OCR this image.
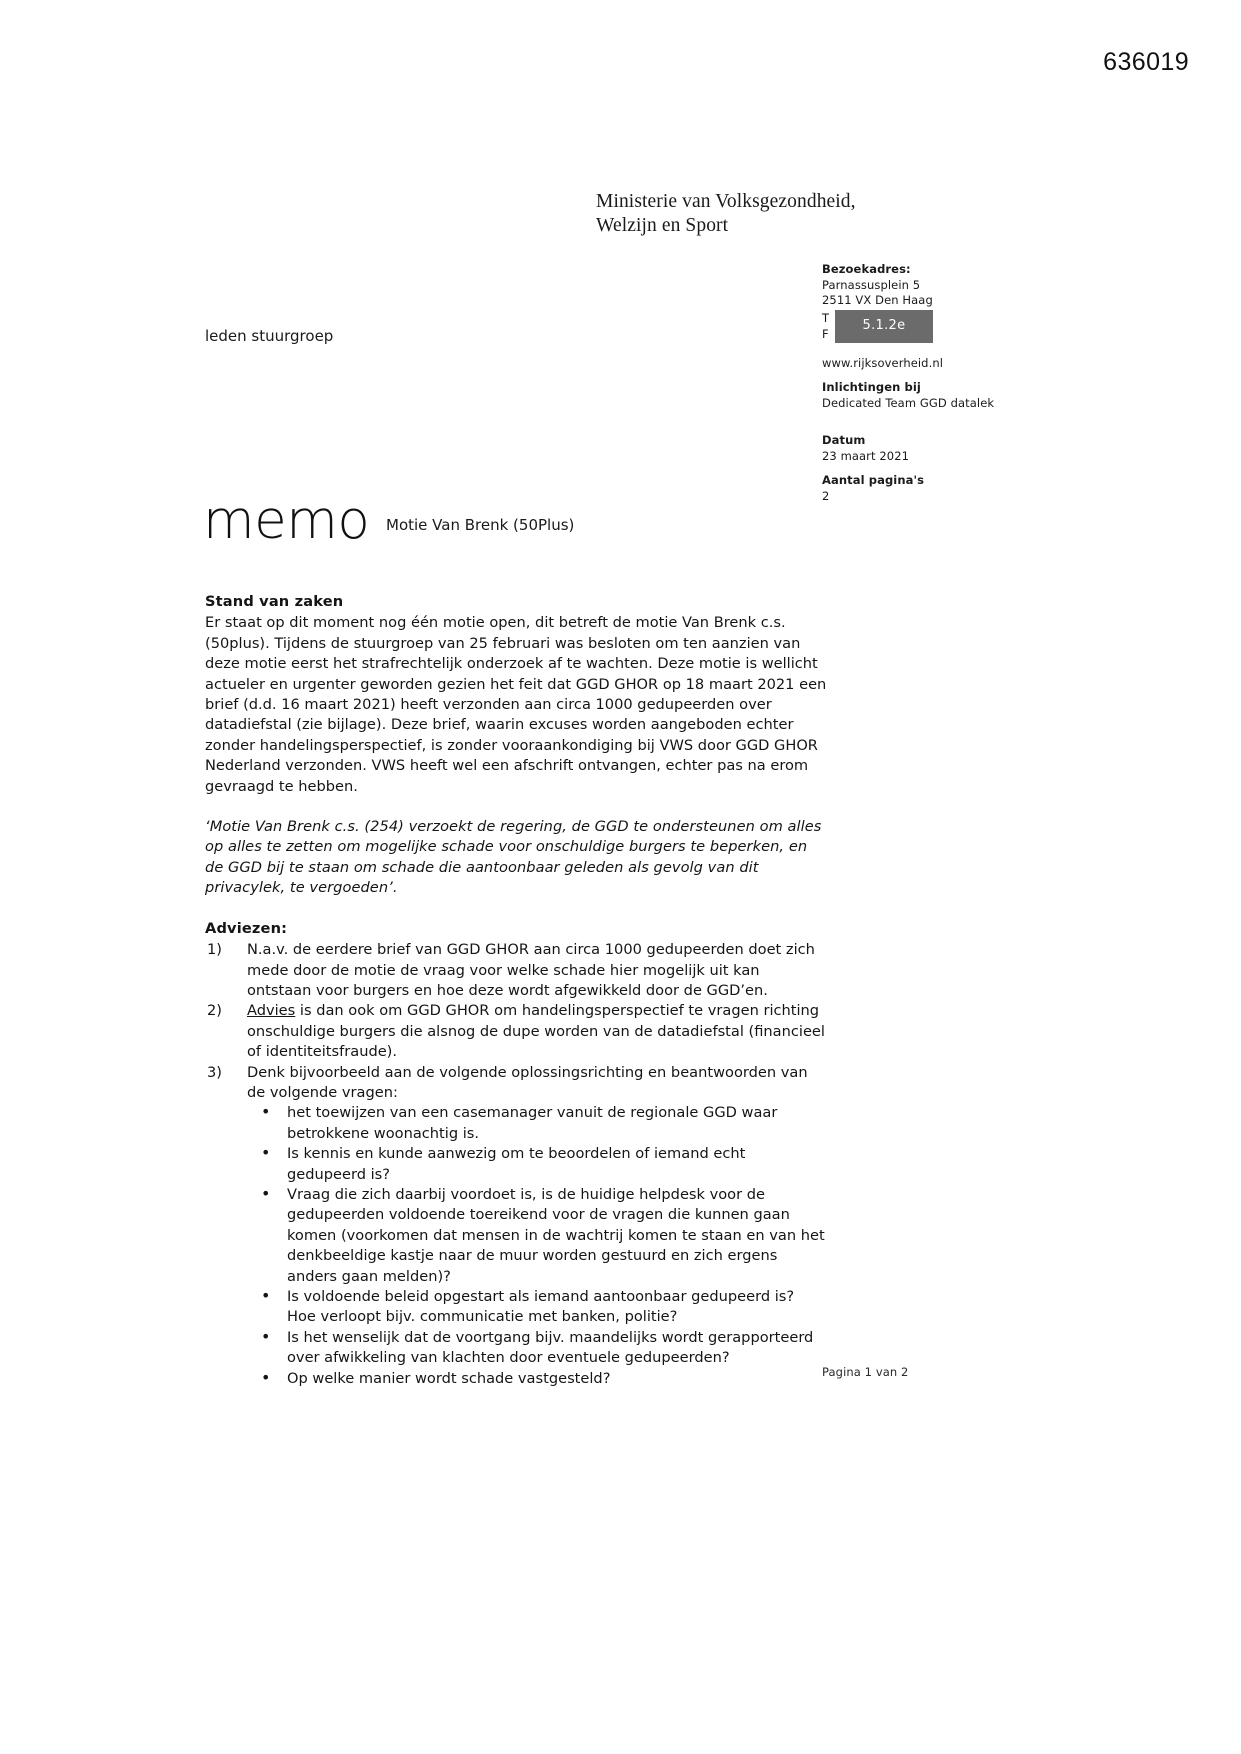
636019
Ministerie van Volksgezondheid,
Welzijn en Sport
leden stuurgroep
Bezoekadres:
Parnassusplein 5
2511 VX Den Haag
T
F
5.1.2e
www.rijksoverheid.nl
Inlichtingen bij
Dedicated Team GGD datalek
Datum
23 maart 2021
Aantal pagina's
2
memo Motie Van Brenk (50Plus)
Stand van zaken

Er staat op dit moment nog één motie open, dit betreft de motie Van Brenk c.s. (50plus). Tijdens de stuurgroep van 25 februari was besloten om ten aanzien van deze motie eerst het strafrechtelijk onderzoek af te wachten. Deze motie is wellicht actueler en urgenter geworden gezien het feit dat GGD GHOR op 18 maart 2021 een brief (d.d. 16 maart 2021) heeft verzonden aan circa 1000 gedupeerden over datadiefstal (zie bijlage). Deze brief, waarin excuses worden aangeboden echter zonder handelingsperspectief, is zonder vooraankondiging bij VWS door GGD GHOR Nederland verzonden. VWS heeft wel een afschrift ontvangen, echter pas na erom gevraagd te hebben.

‘Motie Van Brenk c.s. (254) verzoekt de regering, de GGD te ondersteunen om alles op alles te zetten om mogelijke schade voor onschuldige burgers te beperken, en de GGD bij te staan om schade die aantoonbaar geleden als gevolg van dit privacylek, te vergoeden’.

Adviezen:
N.a.v. de eerdere brief van GGD GHOR aan circa 1000 gedupeerden doet zich mede door de motie de vraag voor welke schade hier mogelijk uit kan ontstaan voor burgers en hoe deze wordt afgewikkeld door de GGD’en.
Advies is dan ook om GGD GHOR om handelingsperspectief te vragen richting onschuldige burgers die alsnog de dupe worden van de datadiefstal (financieel of identiteitsfraude).
Denk bijvoorbeeld aan de volgende oplossingsrichting en beantwoorden van de volgende vragen:
• het toewijzen van een casemanager vanuit de regionale GGD waar betrokkene woonachtig is.
• Is kennis en kunde aanwezig om te beoordelen of iemand echt gedupeerd is?
• Vraag die zich daarbij voordoet is, is de huidige helpdesk voor de gedupeerden voldoende toereikend voor de vragen die kunnen gaan komen (voorkomen dat mensen in de wachtrij komen te staan en van het denkbeeldige kastje naar de muur worden gestuurd en zich ergens anders gaan melden)?
• Is voldoende beleid opgestart als iemand aantoonbaar gedupeerd is? Hoe verloopt bijv. communicatie met banken, politie?
• Is het wenselijk dat de voortgang bijv. maandelijks wordt gerapporteerd over afwikkeling van klachten door eventuele gedupeerden?
• Op welke manier wordt schade vastgesteld?	Pagina 1 van 2
